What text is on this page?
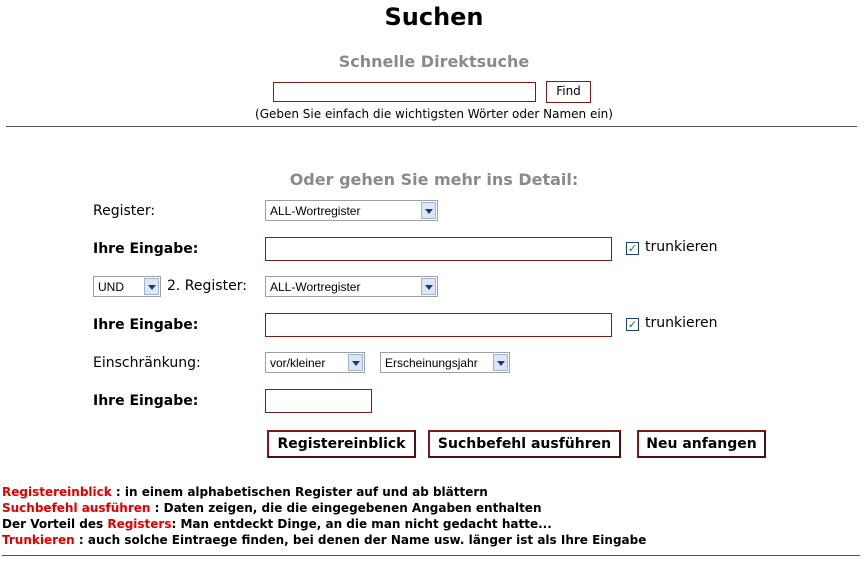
Suchen
Schnelle Direktsuche
Find
(Geben Sie einfach die wichtigsten Wörter oder Namen ein)
Oder gehen Sie mehr ins Detail:
Register:	ALL-Wortregister
Ihre Eingabe:	✓ trunkieren
UND	2. Register:	ALL-Wortregister
Ihre Eingabe:	✓ trunkieren
Einschränkung:	vor/kleiner	Erscheinungsjahr
Ihre Eingabe:
Registereinblick	Suchbefehl ausführen	Neu anfangen
Registereinblick : in einem alphabetischen Register auf und ab blättern
Suchbefehl ausführen : Daten zeigen, die die eingegebenen Angaben enthalten
Der Vorteil des Registers: Man entdeckt Dinge, an die man nicht gedacht hatte...
Trunkieren : auch solche Eintraege finden, bei denen der Name usw. länger ist als Ihre Eingabe
